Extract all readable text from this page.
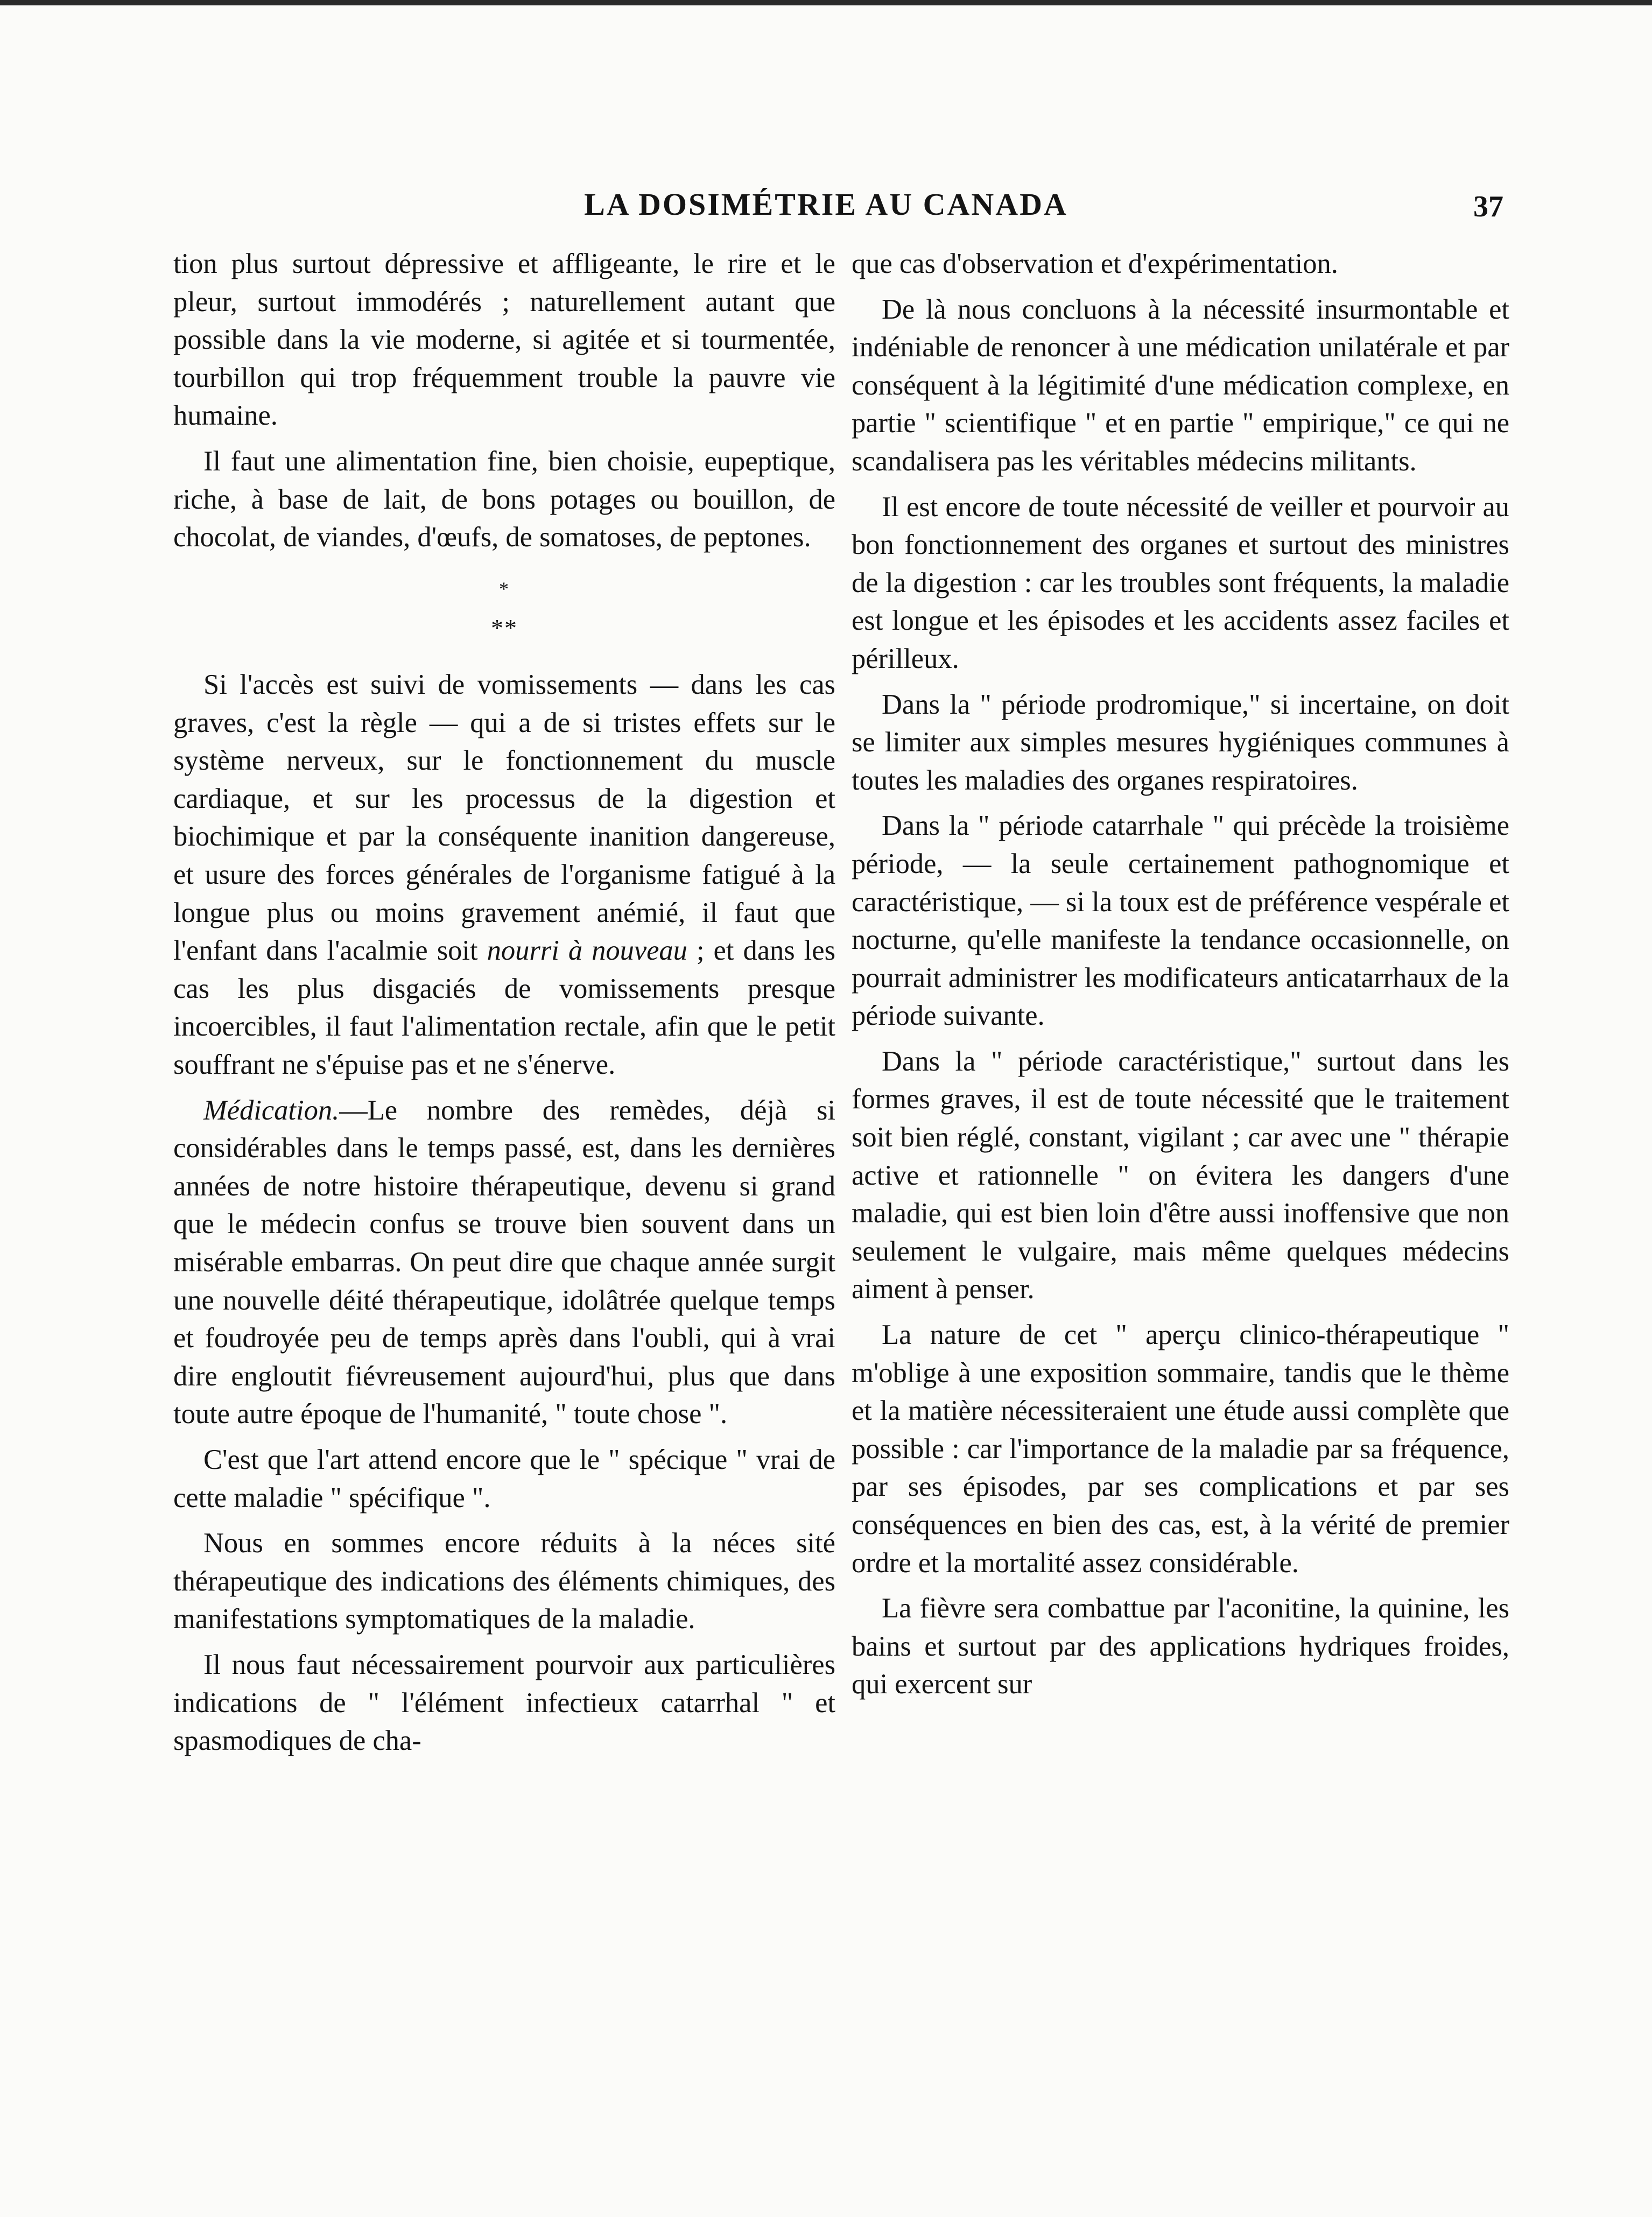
LA DOSIMÉTRIE AU CANADA	37

tion plus surtout dépressive et affligeante, le rire et le pleur, surtout immodérés ; naturellement autant que possible dans la vie moderne, si agitée et si tourmentée, tourbillon qui trop fréquemment trouble la pauvre vie humaine.

Il faut une alimentation fine, bien choisie, eupeptique, riche, à base de lait, de bons potages ou bouillon, de chocolat, de viandes, d'œufs, de somatoses, de peptones.

*
**

Si l'accès est suivi de vomissements — dans les cas graves, c'est la règle — qui a de si tristes effets sur le système nerveux, sur le fonctionnement du muscle cardiaque, et sur les processus de la digestion et biochimique et par la conséquente inanition dangereuse, et usure des forces générales de l'organisme fatigué à la longue plus ou moins gravement anémié, il faut que l'enfant dans l'acalmie soit nourri à nouveau ; et dans les cas les plus disgaciés de vomissements presque incoercibles, il faut l'alimentation rectale, afin que le petit souffrant ne s'épuise pas et ne s'énerve.

Médication.—Le nombre des remèdes, déjà si considérables dans le temps passé, est, dans les dernières années de notre histoire thérapeutique, devenu si grand que le médecin confus se trouve bien souvent dans un misérable embarras. On peut dire que chaque année surgit une nouvelle déité thérapeutique, idolâtrée quelque temps et foudroyée peu de temps après dans l'oubli, qui à vrai dire engloutit fiévreusement aujourd'hui, plus que dans toute autre époque de l'humanité, " toute chose ".

C'est que l'art attend encore que le " spécique " vrai de cette maladie " spécifique ".

Nous en sommes encore réduits à la néces sité thérapeutique des indications des éléments chimiques, des manifestations symptomatiques de la maladie.

Il nous faut nécessairement pourvoir aux particulières indications de " l'élément infectieux catarrhal " et spasmodiques de cha-

que cas d'observation et d'expérimentation.

De là nous concluons à la nécessité insurmontable et indéniable de renoncer à une médication unilatérale et par conséquent à la légitimité d'une médication complexe, en partie " scientifique " et en partie " empirique," ce qui ne scandalisera pas les véritables médecins militants.

Il est encore de toute nécessité de veiller et pourvoir au bon fonctionnement des organes et surtout des ministres de la digestion : car les troubles sont fréquents, la maladie est longue et les épisodes et les accidents assez faciles et périlleux.

Dans la " période prodromique," si incertaine, on doit se limiter aux simples mesures hygiéniques communes à toutes les maladies des organes respiratoires.

Dans la " période catarrhale " qui précède la troisième période, — la seule certainement pathognomique et caractéristique, — si la toux est de préférence vespérale et nocturne, qu'elle manifeste la tendance occasionnelle, on pourrait administrer les modificateurs anticatarrhaux de la période suivante.

Dans la " période caractéristique," surtout dans les formes graves, il est de toute nécessité que le traitement soit bien réglé, constant, vigilant ; car avec une " thérapie active et rationnelle " on évitera les dangers d'une maladie, qui est bien loin d'être aussi inoffensive que non seulement le vulgaire, mais même quelques médecins aiment à penser.

La nature de cet " aperçu clinico-thérapeutique " m'oblige à une exposition sommaire, tandis que le thème et la matière nécessiteraient une étude aussi complète que possible : car l'importance de la maladie par sa fréquence, par ses épisodes, par ses complications et par ses conséquences en bien des cas, est, à la vérité de premier ordre et la mortalité assez considérable.

La fièvre sera combattue par l'aconitine, la quinine, les bains et surtout par des applications hydriques froides, qui exercent sur
